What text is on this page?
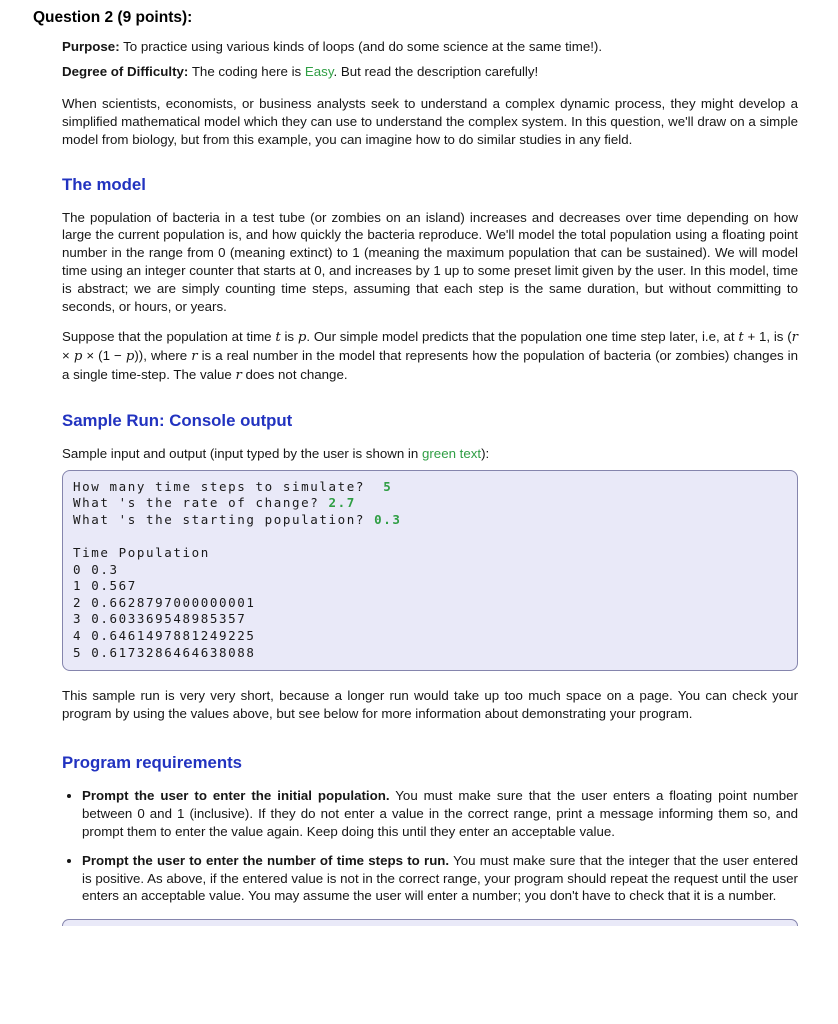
Question 2 (9 points):

Purpose: To practice using various kinds of loops (and do some science at the same time!).

Degree of Difficulty: The coding here is Easy. But read the description carefully!

When scientists, economists, or business analysts seek to understand a complex dynamic process, they might develop a simplified mathematical model which they can use to understand the complex system. In this question, we'll draw on a simple model from biology, but from this example, you can imagine how to do similar studies in any field.

The model

The population of bacteria in a test tube (or zombies on an island) increases and decreases over time depending on how large the current population is, and how quickly the bacteria reproduce. We'll model the total population using a floating point number in the range from 0 (meaning extinct) to 1 (meaning the maximum population that can be sustained). We will model time using an integer counter that starts at 0, and increases by 1 up to some preset limit given by the user. In this model, time is abstract; we are simply counting time steps, assuming that each step is the same duration, but without committing to seconds, or hours, or years.

Suppose that the population at time t is p. Our simple model predicts that the population one time step later, i.e, at t + 1, is (r × p × (1 − p)), where r is a real number in the model that represents how the population of bacteria (or zombies) changes in a single time-step. The value r does not change.

Sample Run: Console output

Sample input and output (input typed by the user is shown in green text):

How many time steps to simulate?  5
What 's the rate of change? 2.7
What 's the starting population? 0.3

Time Population
0 0.3
1 0.567
2 0.6628797000000001
3 0.603369548985357
4 0.6461497881249225
5 0.6173286464638088

This sample run is very very short, because a longer run would take up too much space on a page. You can check your program by using the values above, but see below for more information about demonstrating your program.

Program requirements
• Prompt the user to enter the initial population. You must make sure that the user enters a floating point number between 0 and 1 (inclusive). If they do not enter a value in the correct range, print a message informing them so, and prompt them to enter the value again. Keep doing this until they enter an acceptable value.
• Prompt the user to enter the number of time steps to run. You must make sure that the integer that the user entered is positive. As above, if the entered value is not in the correct range, your program should repeat the request until the user enters an acceptable value. You may assume the user will enter a number; you don't have to check that it is a number.
